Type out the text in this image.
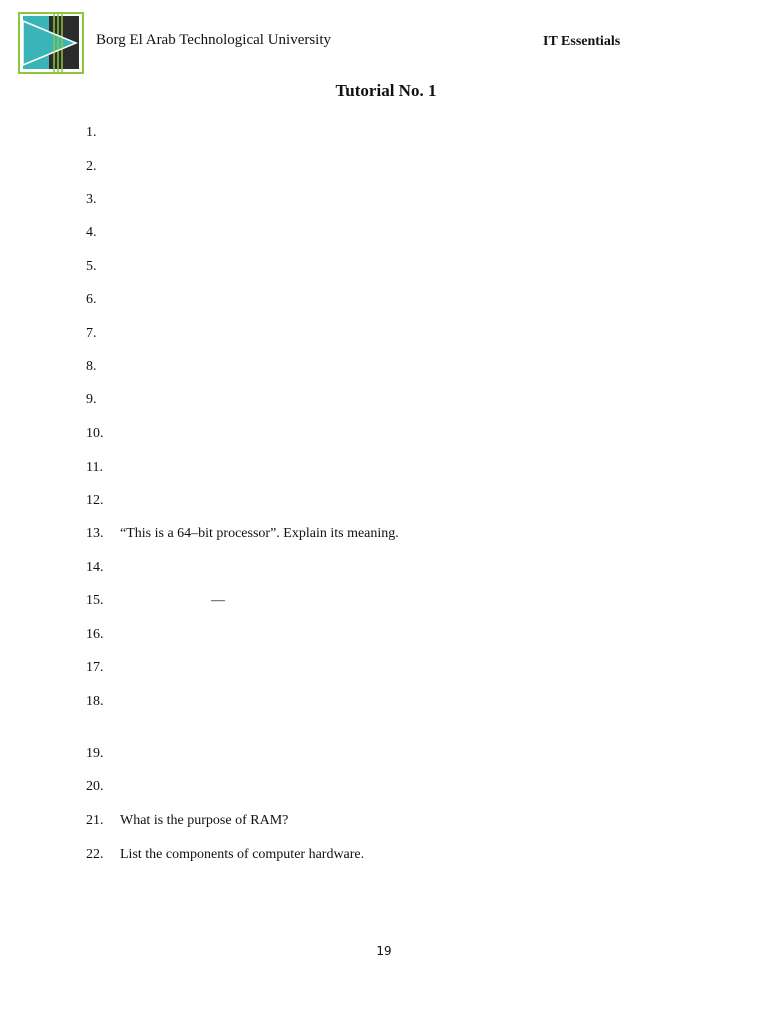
Borg El Arab Technological University	IT Essentials
Tutorial No. 1
1.
2.
3.
4.
5.
6.
7.
8.
9.
10.
11.
12.
13. “This is a 64–bit processor”. Explain its meaning.
14.
15.	—
16.
17.
18.
19.
20.
21. What is the purpose of RAM?
22. List the components of computer hardware.
19
